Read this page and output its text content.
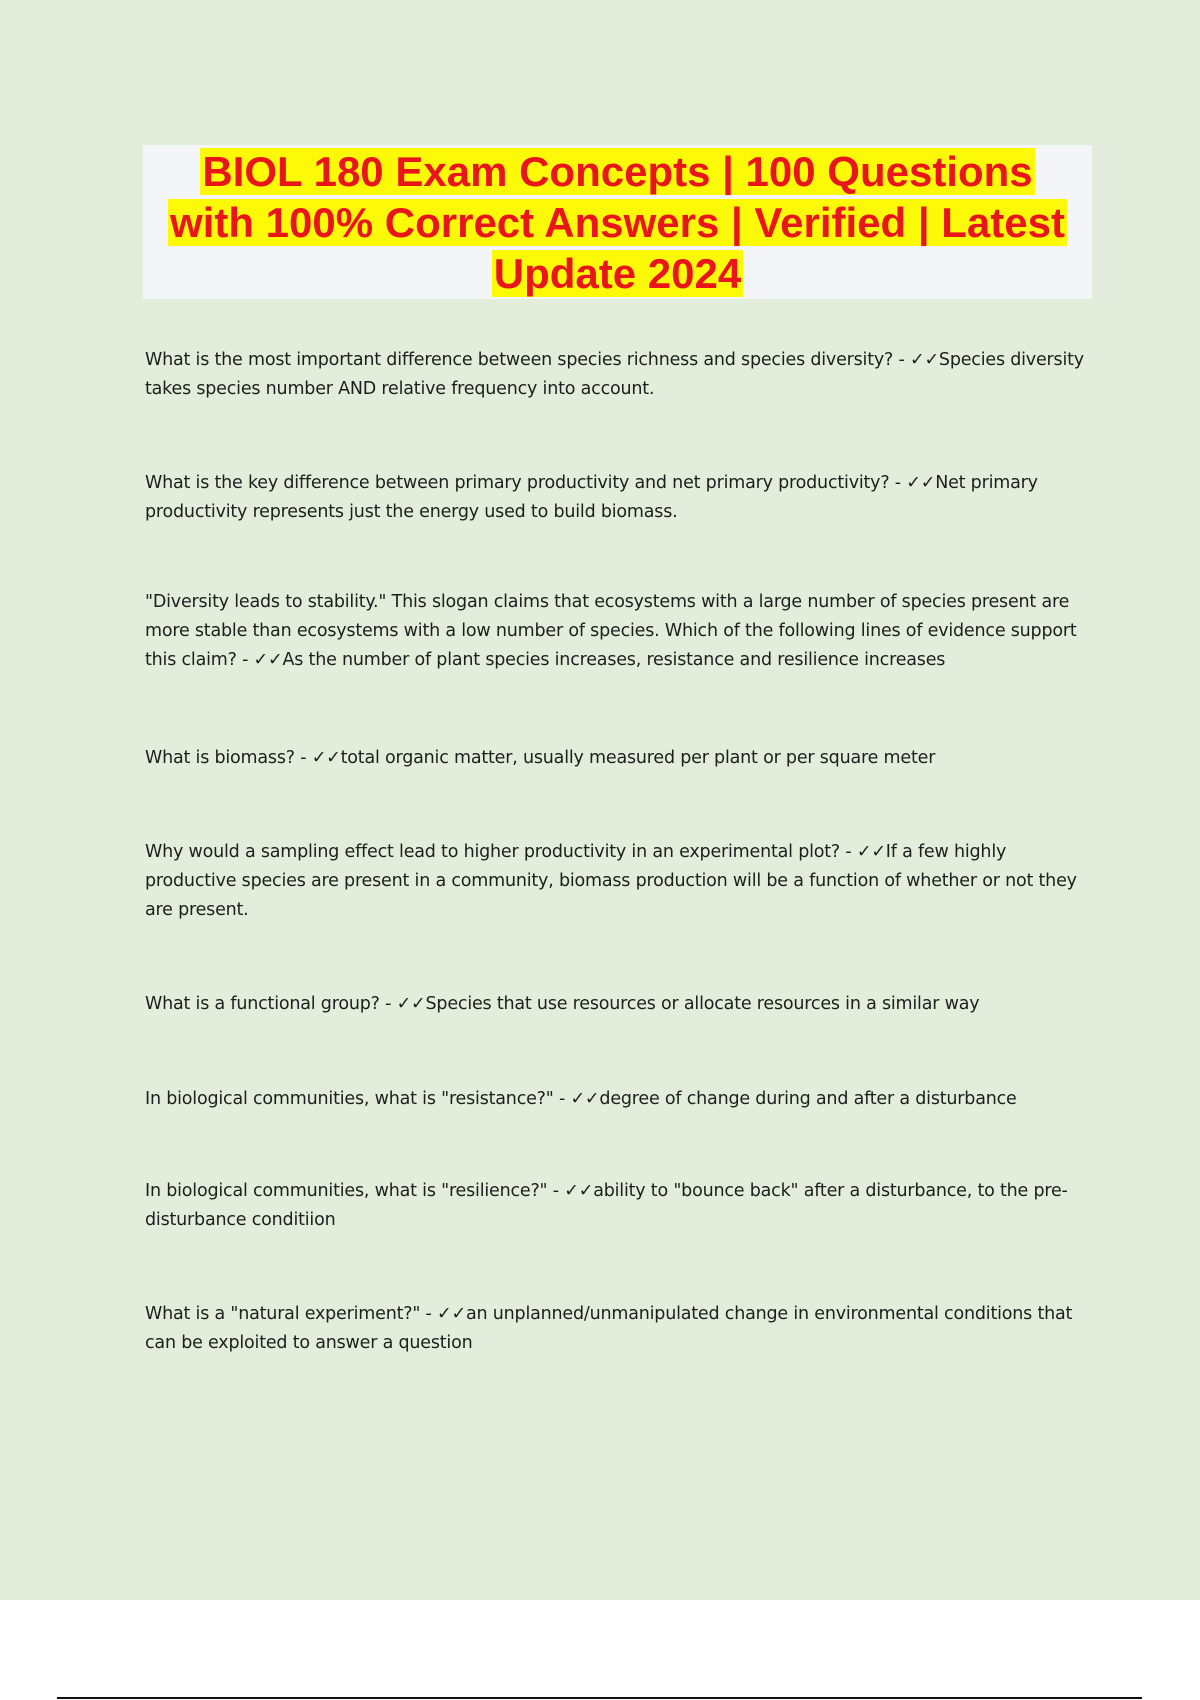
BIOL 180 Exam Concepts | 100 Questions with 100% Correct Answers | Verified | Latest Update 2024
What is the most important difference between species richness and species diversity? - ✓✓Species diversity takes species number AND relative frequency into account.
What is the key difference between primary productivity and net primary productivity? - ✓✓Net primary productivity represents just the energy used to build biomass.
"Diversity leads to stability." This slogan claims that ecosystems with a large number of species present are more stable than ecosystems with a low number of species. Which of the following lines of evidence support this claim? - ✓✓As the number of plant species increases, resistance and resilience increases
What is biomass? - ✓✓total organic matter, usually measured per plant or per square meter
Why would a sampling effect lead to higher productivity in an experimental plot? - ✓✓If a few highly productive species are present in a community, biomass production will be a function of whether or not they are present.
What is a functional group? - ✓✓Species that use resources or allocate resources in a similar way
In biological communities, what is "resistance?" - ✓✓degree of change during and after a disturbance
In biological communities, what is "resilience?" - ✓✓ability to "bounce back" after a disturbance, to the pre-disturbance conditiion
What is a "natural experiment?" - ✓✓an unplanned/unmanipulated change in environmental conditions that can be exploited to answer a question
